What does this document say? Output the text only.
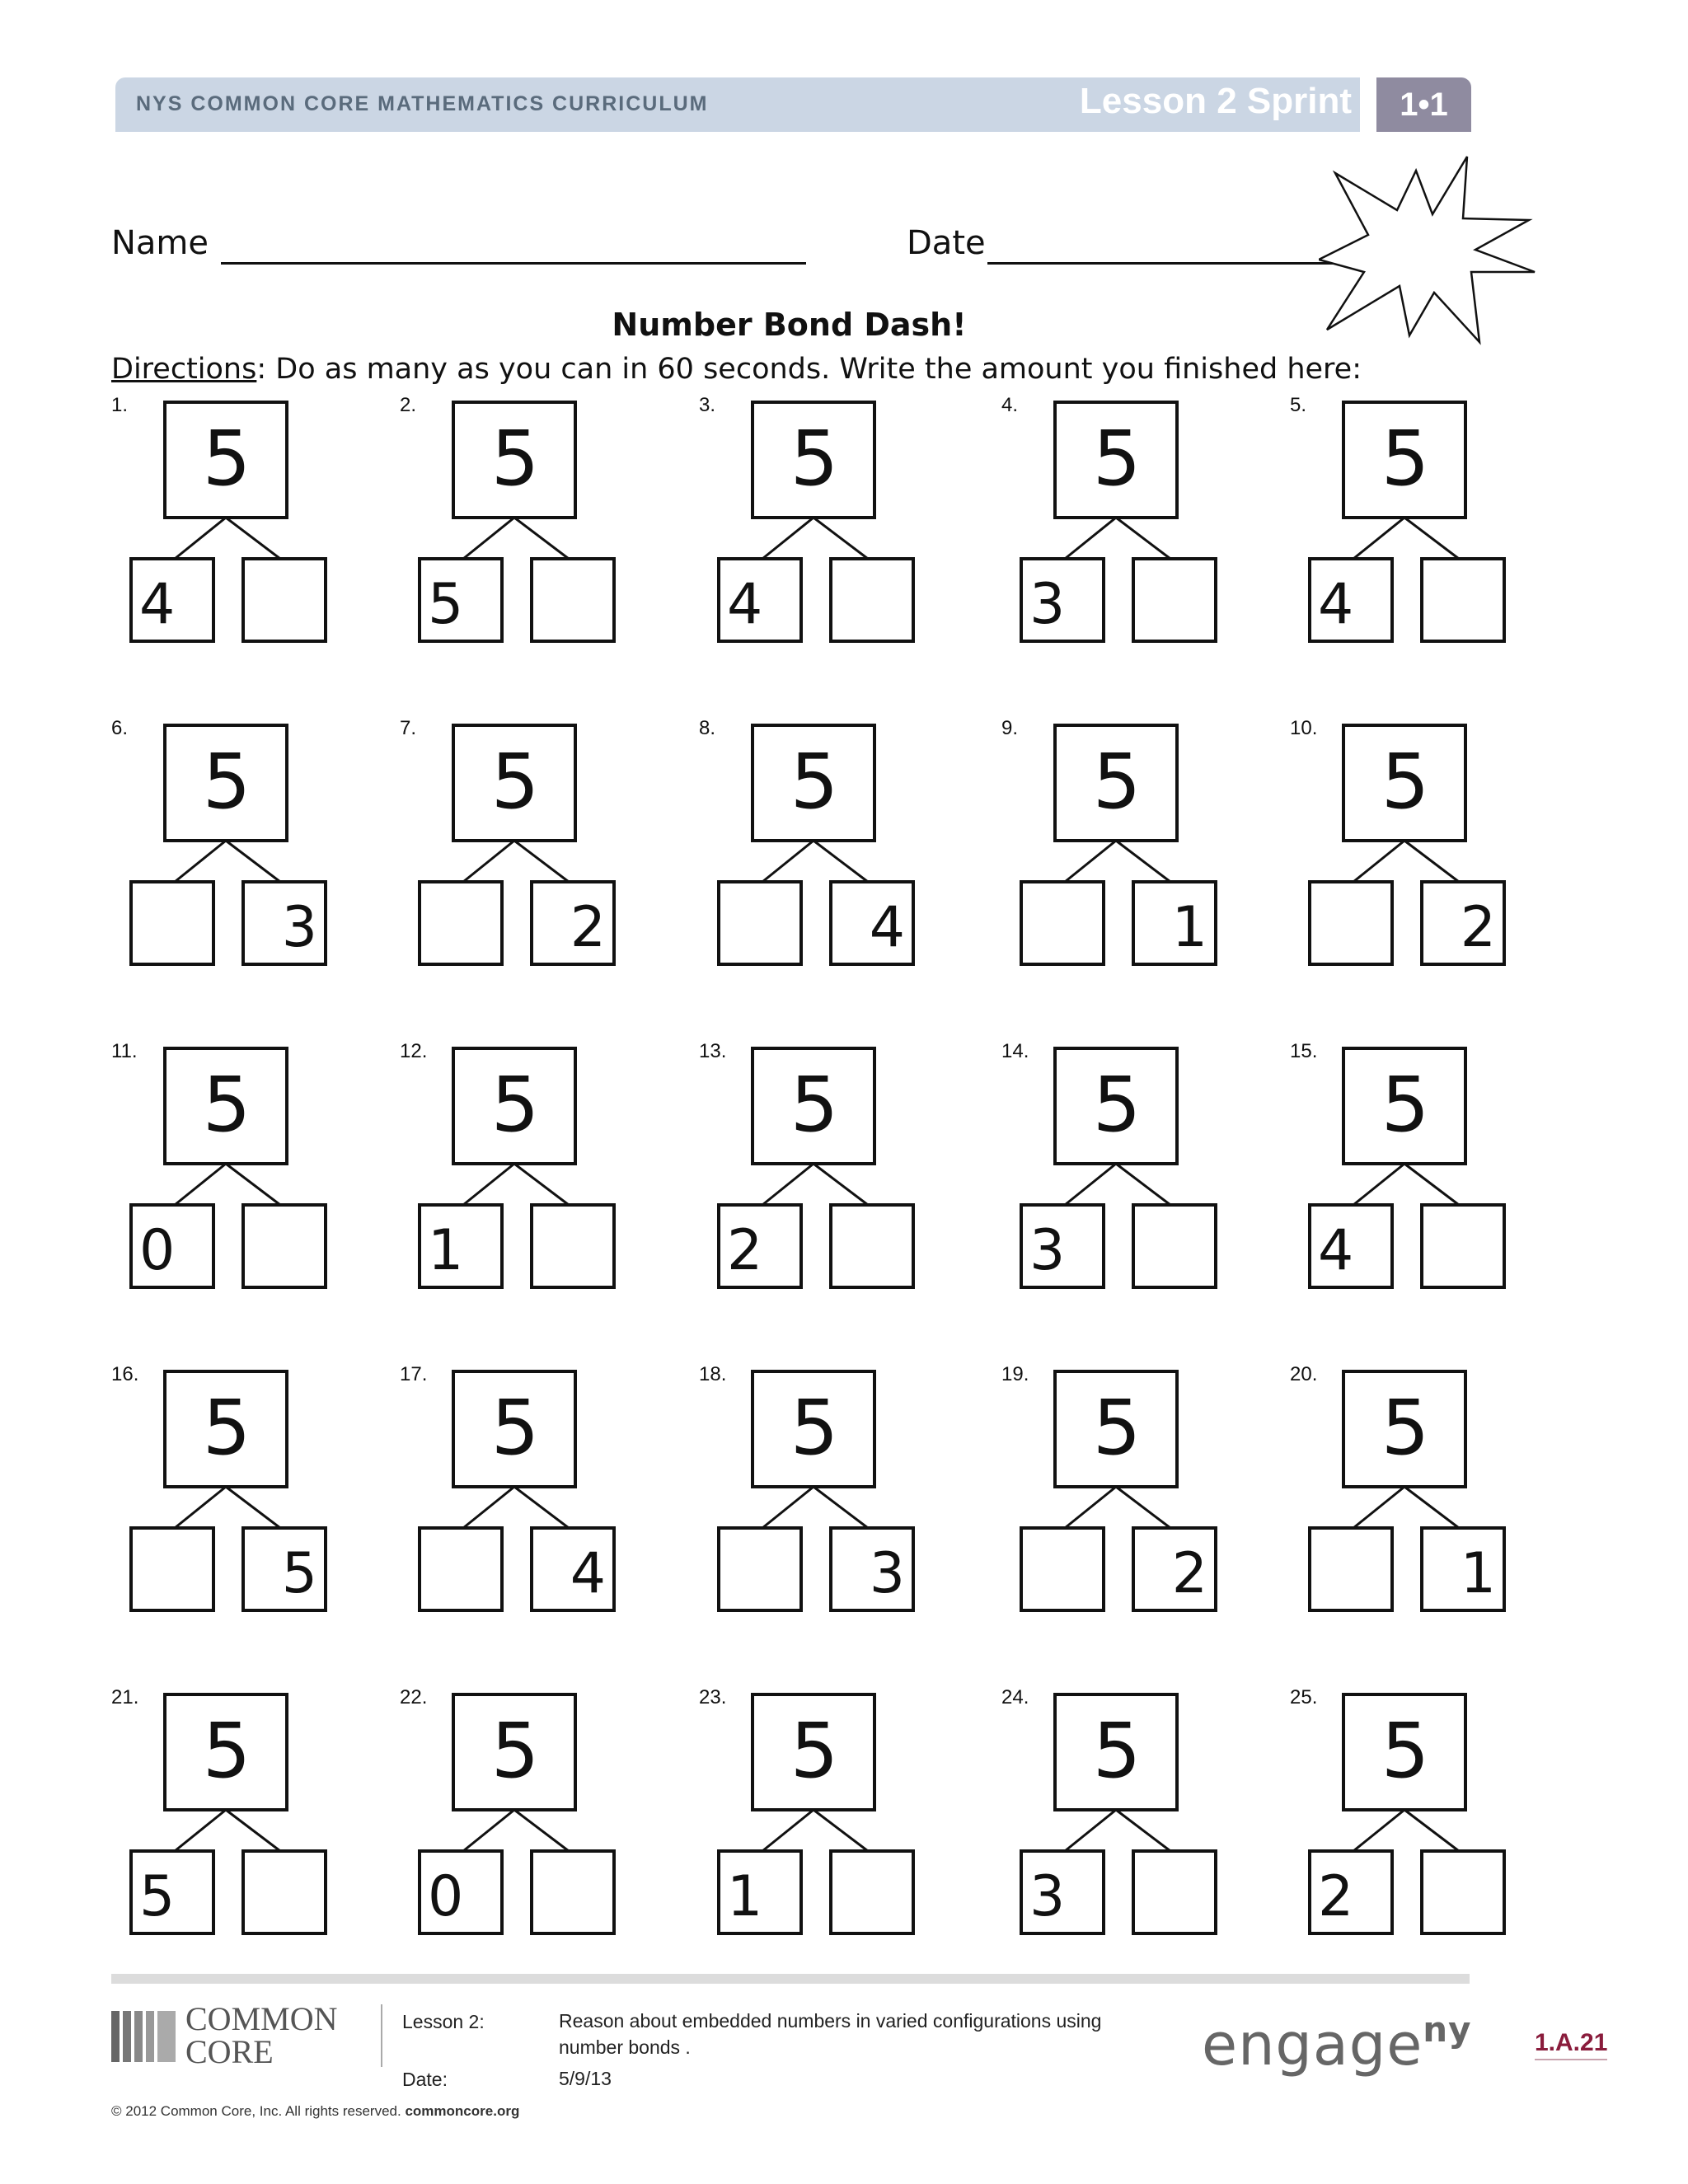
NYS COMMON CORE MATHEMATICS CURRICULUM	Lesson 2 Sprint	1•1
Name	Date
Number Bond Dash!
Directions: Do as many as you can in 60 seconds. Write the amount you finished here:
1.
5
4
2.
5
5
3.
5
4
4.
5
3
5.
5
4
6.
5
3
7.
5
2
8.
5
4
9.
5
1
10.
5
2
11.
5
0
12.
5
1
13.
5
2
14.
5
3
15.
5
4
16.
5
5
17.
5
4
18.
5
3
19.
5
2
20.
5
1
21.
5
5
22.
5
0
23.
5
1
24.
5
3
25.
5
2
COMMON
CORE
Lesson 2:	Reason about embedded numbers in varied configurations using number bonds .
Date:	5/9/13	engage$^{ny}$	1.A.21
© 2012 Common Core, Inc. All rights reserved. commoncore.org
